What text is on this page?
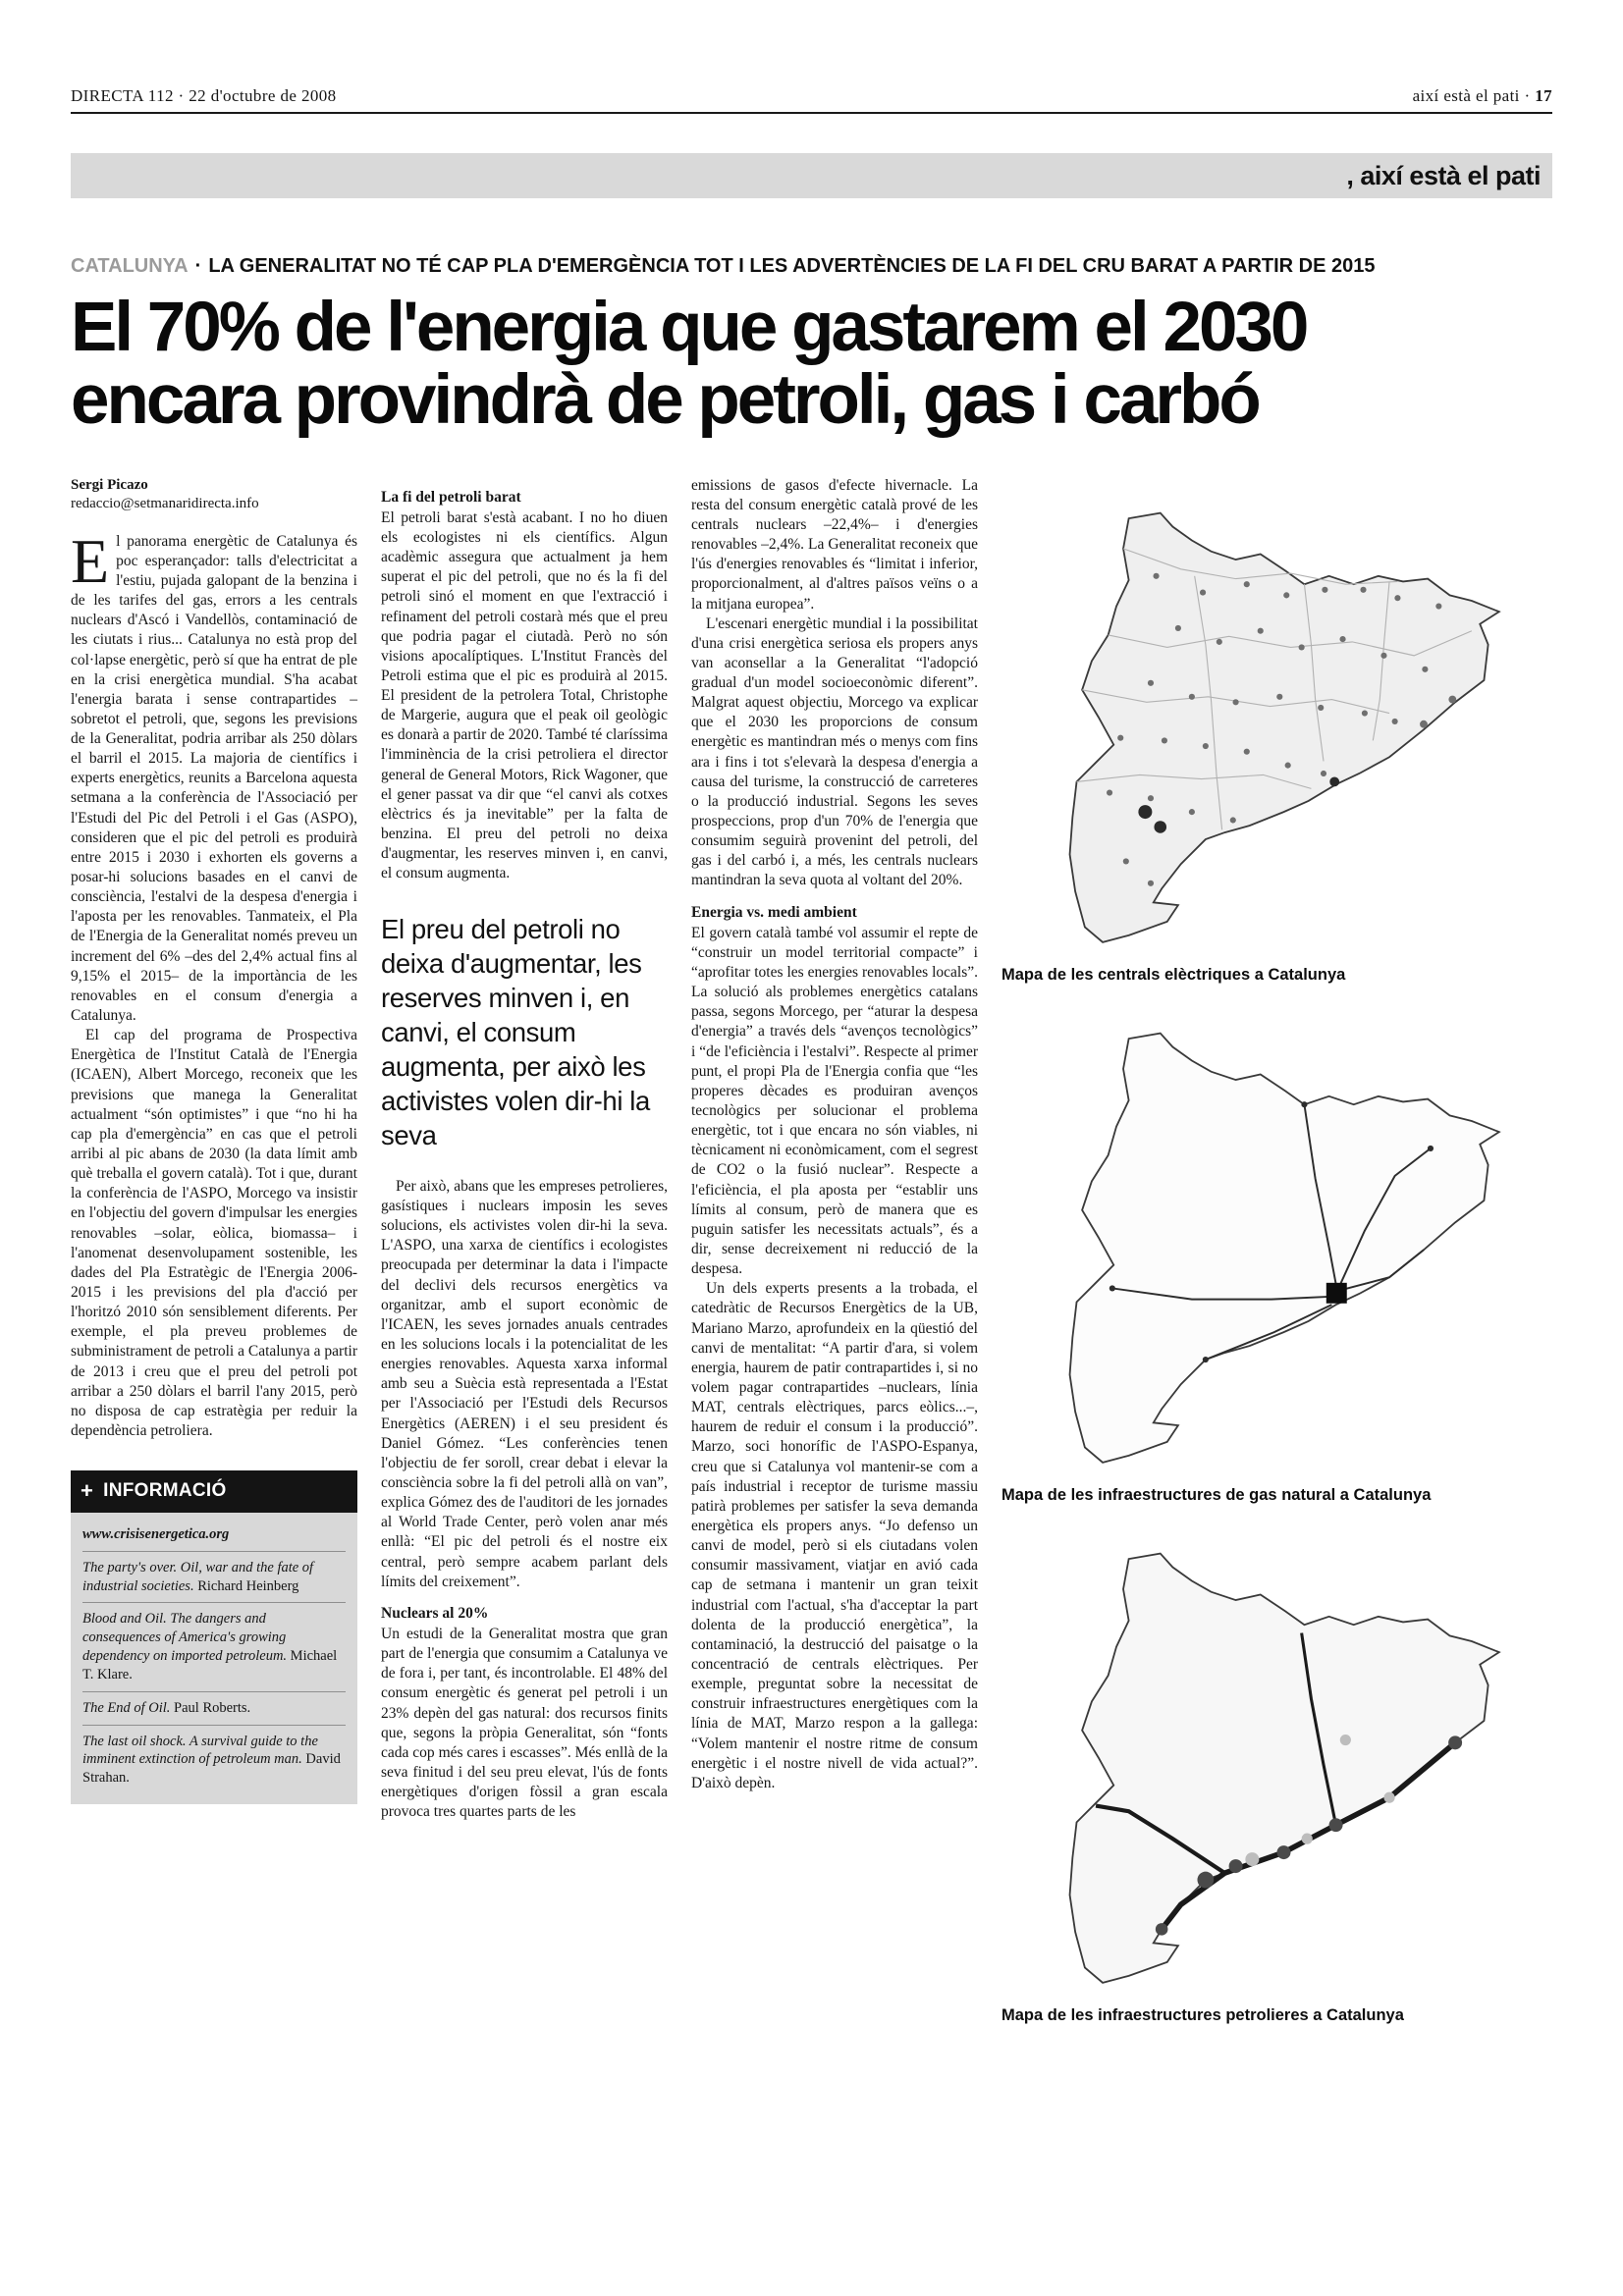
DIRECTA 112 · 22 d'octubre de 2008	així està el pati · 17
, així està el pati
CATALUNYA · LA GENERALITAT NO TÉ CAP PLA D'EMERGÈNCIA TOT I LES ADVERTÈNCIES DE LA FI DEL CRU BARAT A PARTIR DE 2015
El 70% de l'energia que gastarem el 2030
encara provindrà de petroli, gas i carbó
Sergi Picazo
redaccio@setmanaridirecta.info

El panorama energètic de Catalunya és poc esperançador: talls d'electricitat a l'estiu, pujada galopant de la benzina i de les tarifes del gas, errors a les centrals nuclears d'Ascó i Vandellòs, contaminació de les ciutats i rius... Catalunya no està prop del col·lapse energètic, però sí que ha entrat de ple en la crisi energètica mundial. S'ha acabat l'energia barata i sense contrapartides –sobretot el petroli, que, segons les previsions de la Generalitat, podria arribar als 250 dòlars el barril el 2015. La majoria de científics i experts energètics, reunits a Barcelona aquesta setmana a la conferència de l'Associació per l'Estudi del Pic del Petroli i el Gas (ASPO), consideren que el pic del petroli es produirà entre 2015 i 2030 i exhorten els governs a posar-hi solucions basades en el canvi de consciència, l'estalvi de la despesa d'energia i l'aposta per les renovables. Tanmateix, el Pla de l'Energia de la Generalitat només preveu un increment del 6% –des del 2,4% actual fins al 9,15% el 2015– de la importància de les renovables en el consum d'energia a Catalunya.

El cap del programa de Prospectiva Energètica de l'Institut Català de l'Energia (ICAEN), Albert Morcego, reconeix que les previsions que manega la Generalitat actualment “són optimistes” i que “no hi ha cap pla d'emergència” en cas que el petroli arribi al pic abans de 2030 (la data límit amb què treballa el govern català). Tot i que, durant la conferència de l'ASPO, Morcego va insistir en l'objectiu del govern d'impulsar les energies renovables –solar, eòlica, biomassa– i l'anomenat desenvolupament sostenible, les dades del Pla Estratègic de l'Energia 2006-2015 i les previsions del pla d'acció per l'horitzó 2010 són sensiblement diferents. Per exemple, el pla preveu problemes de subministrament de petroli a Catalunya a partir de 2013 i creu que el preu del petroli pot arribar a 250 dòlars el barril l'any 2015, però no disposa de cap estratègia per reduir la dependència petroliera.

+ INFORMACIÓ

www.crisisenergetica.org

The party's over. Oil, war and the fate of industrial societies. Richard Heinberg

Blood and Oil. The dangers and consequences of America's growing dependency on imported petroleum. Michael T. Klare.

The End of Oil. Paul Roberts.

The last oil shock. A survival guide to the imminent extinction of petroleum man. David Strahan.

La fi del petroli barat

El petroli barat s'està acabant. I no ho diuen els ecologistes ni els científics. Algun acadèmic assegura que actualment ja hem superat el pic del petroli, que no és la fi del petroli sinó el moment en que l'extracció i refinament del petroli costarà més que el preu que podria pagar el ciutadà. Però no són visions apocalíptiques. L'Institut Francès del Petroli estima que el pic es produirà al 2015. El president de la petrolera Total, Christophe de Margerie, augura que el peak oil geològic es donarà a partir de 2020. També té claríssima l'imminència de la crisi petroliera el director general de General Motors, Rick Wagoner, que el gener passat va dir que “el canvi als cotxes elèctrics és ja inevitable” per la falta de benzina. El preu del petroli no deixa d'augmentar, les reserves minven i, en canvi, el consum augmenta.

El preu del petroli no deixa d'augmentar, les reserves minven i, en canvi, el consum augmenta, per això les activistes volen dir-hi la seva

Per això, abans que les empreses petrolieres, gasístiques i nuclears imposin les seves solucions, els activistes volen dir-hi la seva. L'ASPO, una xarxa de científics i ecologistes preocupada per determinar la data i l'impacte del declivi dels recursos energètics va organitzar, amb el suport econòmic de l'ICAEN, les seves jornades anuals centrades en les solucions locals i la potencialitat de les energies renovables. Aquesta xarxa informal amb seu a Suècia està representada a l'Estat per l'Associació per l'Estudi dels Recursos Energètics (AEREN) i el seu president és Daniel Gómez. “Les conferències tenen l'objectiu de fer soroll, crear debat i elevar la consciència sobre la fi del petroli allà on van”, explica Gómez des de l'auditori de les jornades al World Trade Center, però volen anar més enllà: “El pic del petroli és el nostre eix central, però sempre acabem parlant dels límits del creixement”.

Nuclears al 20%

Un estudi de la Generalitat mostra que gran part de l'energia que consumim a Catalunya ve de fora i, per tant, és incontrolable. El 48% del consum energètic és generat pel petroli i un 23% depèn del gas natural: dos recursos finits que, segons la pròpia Generalitat, són “fonts cada cop més cares i escasses”. Més enllà de la seva finitud i del seu preu elevat, l'ús de fonts energètiques d'origen fòssil a gran escala provoca tres quartes parts de les

emissions de gasos d'efecte hivernacle. La resta del consum energètic català prové de les centrals nuclears –22,4%– i d'energies renovables –2,4%. La Generalitat reconeix que l'ús d'energies renovables és “limitat i inferior, proporcionalment, al d'altres països veïns o a la mitjana europea”.

L'escenari energètic mundial i la possibilitat d'una crisi energètica seriosa els propers anys van aconsellar a la Generalitat “l'adopció gradual d'un model socioeconòmic diferent”. Malgrat aquest objectiu, Morcego va explicar que el 2030 les proporcions de consum energètic es mantindran més o menys com fins ara i fins i tot s'elevarà la despesa d'energia a causa del turisme, la construcció de carreteres o la producció industrial. Segons les seves prospeccions, prop d'un 70% de l'energia que consumim seguirà provenint del petroli, del gas i del carbó i, a més, les centrals nuclears mantindran la seva quota al voltant del 20%.

Energia vs. medi ambient

El govern català també vol assumir el repte de “construir un model territorial compacte” i “aprofitar totes les energies renovables locals”. La solució als problemes energètics catalans passa, segons Morcego, per “aturar la despesa d'energia” a través dels “avenços tecnològics” i “de l'eficiència i l'estalvi”. Respecte al primer punt, el propi Pla de l'Energia confia que “les properes dècades es produiran avenços tecnològics per solucionar el problema energètic, tot i que encara no són viables, ni tècnicament ni econòmicament, com el segrest de CO2 o la fusió nuclear”. Respecte a l'eficiència, el pla aposta per “establir uns límits al consum, però de manera que es puguin satisfer les necessitats actuals”, és a dir, sense decreixement ni reducció de la despesa.

Un dels experts presents a la trobada, el catedràtic de Recursos Energètics de la UB, Mariano Marzo, aprofundeix en la qüestió del canvi de mentalitat: “A partir d'ara, si volem energia, haurem de patir contrapartides i, si no volem pagar contrapartides –nuclears, línia MAT, centrals elèctriques, parcs eòlics...–, haurem de reduir el consum i la producció”. Marzo, soci honorífic de l'ASPO-Espanya, creu que si Catalunya vol mantenir-se com a país industrial i receptor de turisme massiu patirà problemes per satisfer la seva demanda energètica els propers anys. “Jo defenso un canvi de model, però si els ciutadans volen consumir massivament, viatjar en avió cada cap de setmana i mantenir un gran teixit industrial com l'actual, s'ha d'acceptar la part dolenta de la producció energètica”, la contaminació, la destrucció del paisatge o la concentració de centrals elèctriques. Per exemple, preguntat sobre la necessitat de construir infraestructures energètiques com la línia de MAT, Marzo respon a la gallega: “Volem mantenir el nostre ritme de consum energètic i el nostre nivell de vida actual?”. D'això depèn.

Mapa de les centrals elèctriques a Catalunya
Mapa de les infraestructures de gas natural a Catalunya
Mapa de les infraestructures petrolieres a Catalunya
